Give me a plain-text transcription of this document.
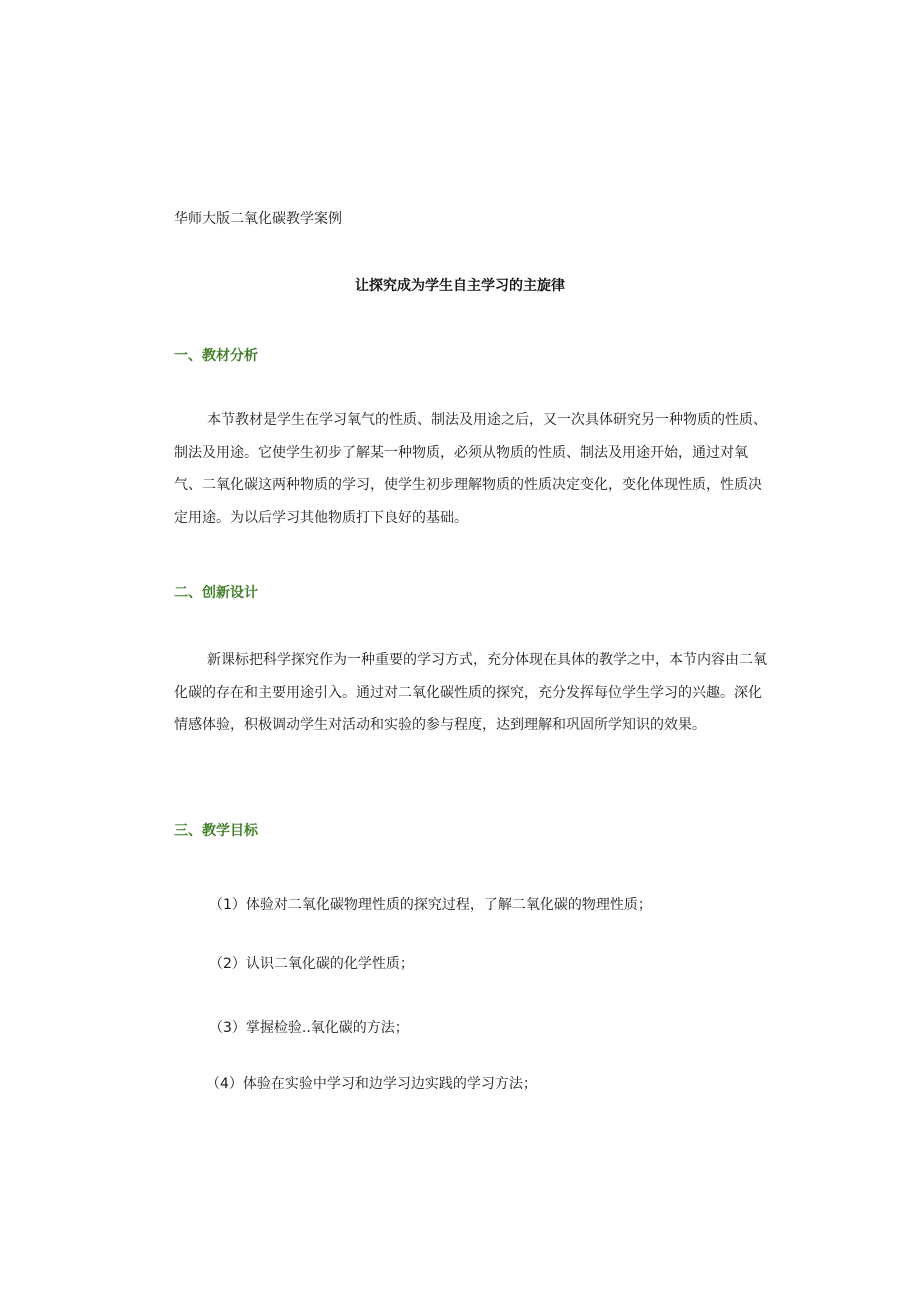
华师大版二氧化碳教学案例
让探究成为学生自主学习的主旋律
一、教材分析

本节教材是学生在学习氧气的性质、制法及用途之后，又一次具体研究另一种物质的性质、制法及用途。它使学生初步了解某一种物质，必须从物质的性质、制法及用途开始，通过对氧气、二氧化碳这两种物质的学习，使学生初步理解物质的性质决定变化，变化体现性质，性质决定用途。为以后学习其他物质打下良好的基础。

二、创新设计

新课标把科学探究作为一种重要的学习方式，充分体现在具体的教学之中，本节内容由二氧化碳的存在和主要用途引入。通过对二氧化碳性质的探究，充分发挥每位学生学习的兴趣。深化情感体验，积极调动学生对活动和实验的参与程度，达到理解和巩固所学知识的效果。

三、教学目标
（1）体验对二氧化碳物理性质的探究过程，了解二氧化碳的物理性质；
（2）认识二氧化碳的化学性质；
（3）掌握检验..氧化碳的方法；
（4）体验在实验中学习和边学习边实践的学习方法；
